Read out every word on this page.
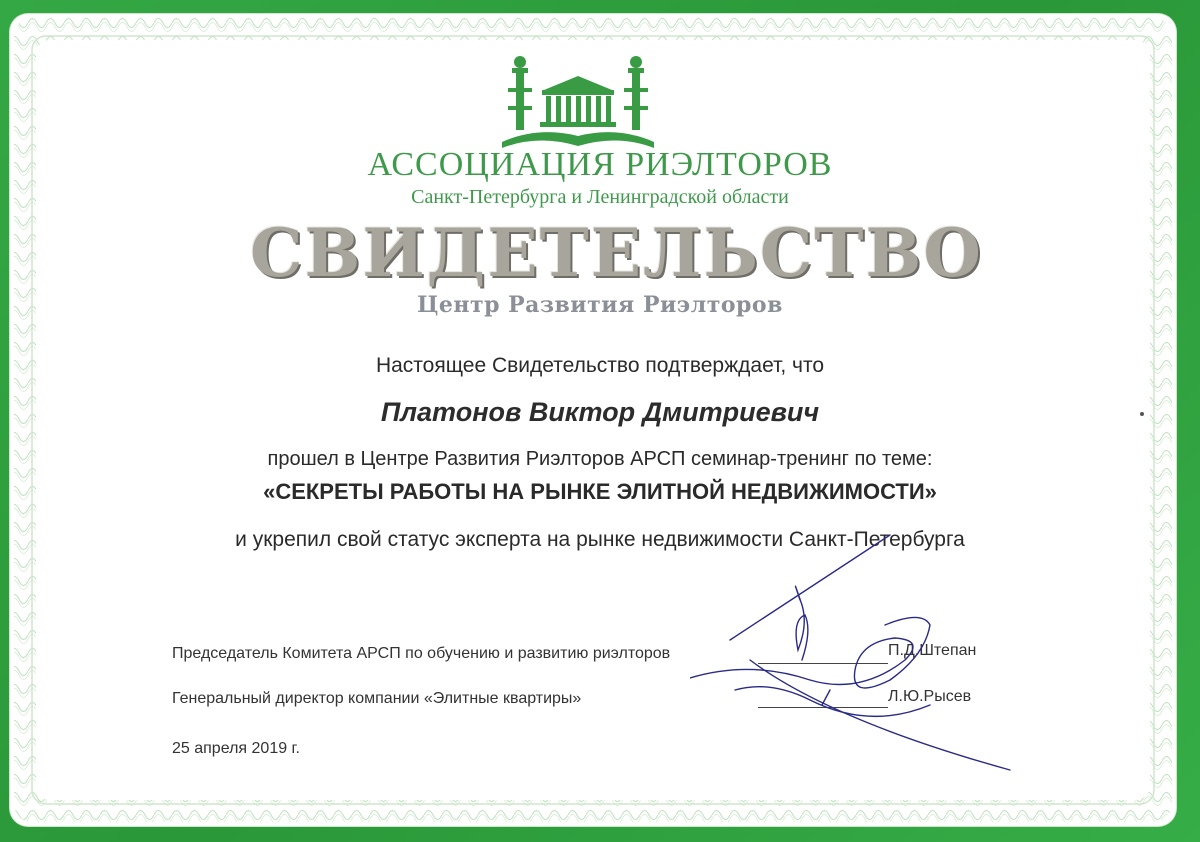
АССОЦИАЦИЯ РИЭЛТОРОВ
Санкт-Петербурга и Ленинградской области
СВИДЕТЕЛЬСТВО
Центр Развития Риэлторов
Настоящее Свидетельство подтверждает, что
Платонов Виктор Дмитриевич
прошел в Центре Развития Риэлторов АРСП семинар-тренинг по теме:
«СЕКРЕТЫ РАБОТЫ НА РЫНКЕ ЭЛИТНОЙ НЕДВИЖИМОСТИ»
и укрепил свой статус эксперта на рынке недвижимости Санкт-Петербурга
Председатель Комитета АРСП по обучению и развитию риэлторов	П.Д.Штепан
Генеральный директор компании «Элитные квартиры»	Л.Ю.Рысев
25 апреля 2019 г.
